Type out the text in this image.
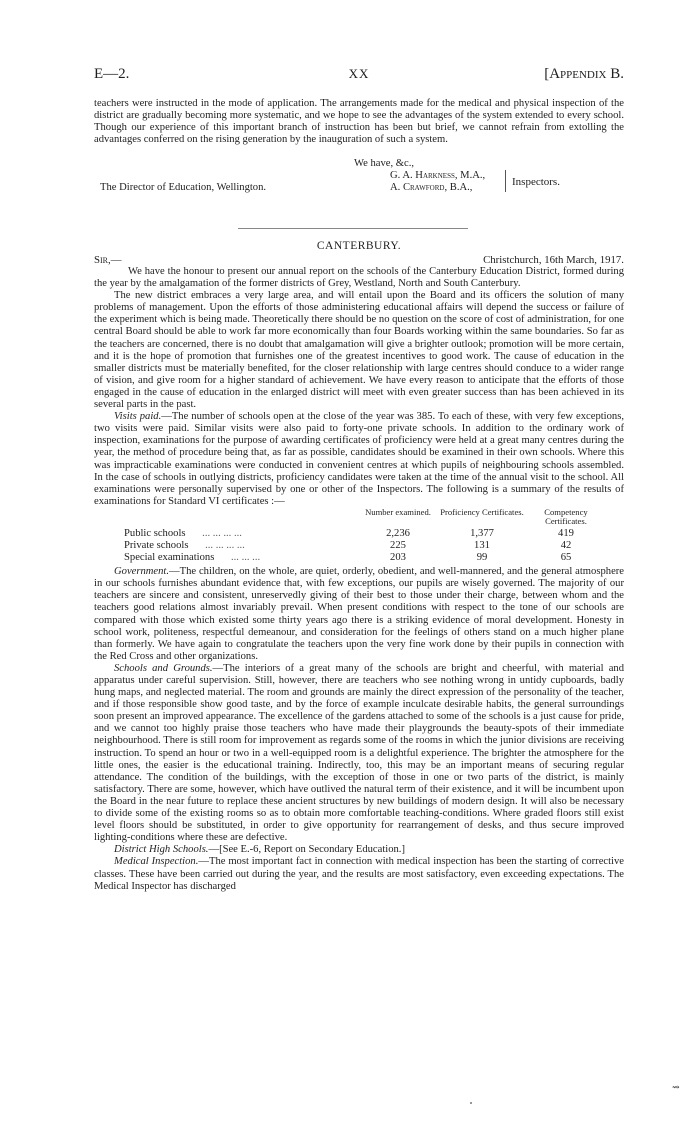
E—2.	XX	[Appendix B.

teachers were instructed in the mode of application. The arrangements made for the medical and physical inspection of the district are gradually becoming more systematic, and we hope to see the advantages of the system extended to every school. Though our experience of this important branch of instruction has been but brief, we cannot refrain from extolling the advantages conferred on the rising generation by the inauguration of such a system.

We have, &c.,
G. A. Harkness, M.A.,
A. Crawford, B.A.,	Inspectors.
The Director of Education, Wellington.
CANTERBURY.
Sir,—	Christchurch, 16th March, 1917.

We have the honour to present our annual report on the schools of the Canterbury Education District, formed during the year by the amalgamation of the former districts of Grey, Westland, North and South Canterbury.

The new district embraces a very large area, and will entail upon the Board and its officers the solution of many problems of management. Upon the efforts of those administering educational affairs will depend the success or failure of the experiment which is being made. Theoretically there should be no question on the score of cost of administration, for one central Board should be able to work far more economically than four Boards working within the same boundaries. So far as the teachers are concerned, there is no doubt that amalgamation will give a brighter outlook; promotion will be more certain, and it is the hope of promotion that furnishes one of the greatest incentives to good work. The cause of education in the smaller districts must be materially benefited, for the closer relationship with large centres should conduce to a wider range of vision, and give room for a higher standard of achievement. We have every reason to anticipate that the efforts of those engaged in the cause of education in the enlarged district will meet with even greater success than has been achieved in its several parts in the past.

Visits paid.—The number of schools open at the close of the year was 385. To each of these, with very few exceptions, two visits were paid. Similar visits were also paid to forty-one private schools. In addition to the ordinary work of inspection, examinations for the purpose of awarding certificates of proficiency were held at a great many centres during the year, the method of procedure being that, as far as possible, candidates should be examined in their own schools. Where this was impracticable examinations were conducted in convenient centres at which pupils of neighbouring schools assembled. In the case of schools in outlying districts, proficiency candidates were taken at the time of the annual visit to the school. All examinations were personally supervised by one or other of the Inspectors. The following is a summary of the results of examinations for Standard VI certificates :—

	Number examined.	Proficiency Certificates.	Competency Certificates.
Public schools ... ... ... ...	2,236	1,377	419
Private schools ... ... ... ...	225	131	42
Special examinations ... ... ...	203	99	65

Government.—The children, on the whole, are quiet, orderly, obedient, and well-mannered, and the general atmosphere in our schools furnishes abundant evidence that, with few exceptions, our pupils are wisely governed. The majority of our teachers are sincere and consistent, unreservedly giving of their best to those under their charge, between whom and the teachers good relations almost invariably prevail. When present conditions with respect to the tone of our schools are compared with those which existed some thirty years ago there is a striking evidence of moral development. Honesty in school work, politeness, respectful demeanour, and consideration for the feelings of others stand on a much higher plane than formerly. We have again to congratulate the teachers upon the very fine work done by their pupils in connection with the Red Cross and other organizations.

Schools and Grounds.—The interiors of a great many of the schools are bright and cheerful, with material and apparatus under careful supervision. Still, however, there are teachers who see nothing wrong in untidy cupboards, badly hung maps, and neglected material. The room and grounds are mainly the direct expression of the personality of the teacher, and if those responsible show good taste, and by the force of example inculcate desirable habits, the general surroundings soon present an improved appearance. The excellence of the gardens attached to some of the schools is a just cause for pride, and we cannot too highly praise those teachers who have made their playgrounds the beauty-spots of their immediate neighbourhood. There is still room for improvement as regards some of the rooms in which the junior divisions are receiving instruction. To spend an hour or two in a well-equipped room is a delightful experience. The brighter the atmosphere for the little ones, the easier is the educational training. Indirectly, too, this may be an important means of securing regular attendance. The condition of the buildings, with the exception of those in one or two parts of the district, is mainly satisfactory. There are some, however, which have outlived the natural term of their existence, and it will be incumbent upon the Board in the near future to replace these ancient structures by new buildings of modern design. It will also be necessary to divide some of the existing rooms so as to obtain more comfortable teaching-conditions. Where graded floors still exist level floors should be substituted, in order to give opportunity for rearrangement of desks, and thus secure improved lighting-conditions where these are defective.

District High Schools.—[See E.-6, Report on Secondary Education.]

Medical Inspection.—The most important fact in connection with medical inspection has been the starting of corrective classes. These have been carried out during the year, and the results are most satisfactory, even exceeding expectations. The Medical Inspector has discharged

⇝
